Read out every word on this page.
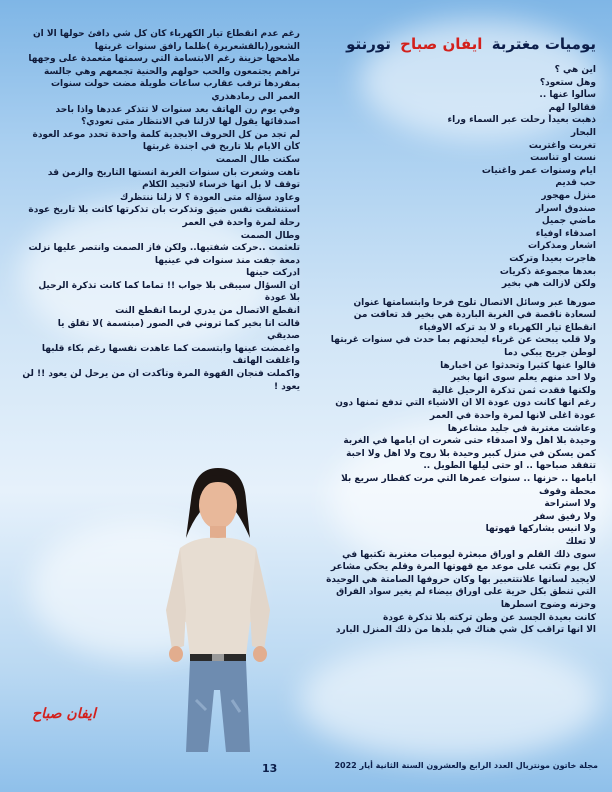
يوميات مغتربة ايفان صباح تورنتو
اين هي ؟
وهل ستعود؟
سألوا عنها ..
فقالوا لهم
ذهبت بعيداً رحلت عبر السماء وراء
البحار
تغربت واغتربت
نست او تناست
ايام وسنوات عمر واغنيات
حب قديم
منزل مهجور
صندوق اسرار
ماضي جميل
اصدقاء اوفياء
اشعار ومذكرات
هاجرت بعيدا وتركت
بعدها مجموعة ذكريات
ولكن لازالت هي بخير
صورها عبر وسائل الاتصال تلوح فرحا وابتسامتها عنوان
لسعادة ناقصة في الغربة الباردة هي بخير قد تعافت من
انقطاع تيار الكهرباء و لا بد تركه الاوفياء
ولا قلب يبحث عن غرباء ليحدثهم بما حدث في سنوات غربتها
لوطن جريح يبكي دما
قالوا عنها كثيرا وتحدثوا عن اخبارها
ولا احد منهم يعلم سوى انها بخير
ولكنها فقدت ثمن تذكرة الرحيل غالية
رغم انها كانت دون عودة الا ان الاشياء التي تدفع ثمنها دون
عودة اغلى لانها لمرة واحدة في العمر
وعاشت مغتربة في جليد مشاعرها
وحيدة بلا اهل ولا اصدقاء حتى شعرت ان ايامها في الغربة
كمن يسكن في منزل كبير وحيدة بلا روح ولا اهل ولا احبة
تتفقد صباحها .. او حتى ليلها الطويل ..
ايامها .. حزنها .. سنوات عمرها التي مرت كقطار سريع بلا
محطة وقوف
ولا استراحة
ولا رفيق سفر
ولا انيس يشاركها قهوتها
لا تعلك
سوى ذلك القلم و اوراق مبعثرة ليوميات مغتربة تكتبها في
كل يوم تكتب على موعد مع قهوتها المرة وقلم يحكي مشاعر
لايجيد لسانها علانتتعبير بها وكان حروفها الصامتة هي الوحيدة
التي تنطق بكل حرية على اوراق بيضاء لم يغير سواد الفراق
وحزنه وضوح اسطرها
كانت بعيدة الجسد عن وطن تركته بلا تذكرة عودة
الا انها تراقب كل شي هناك في بلدها من ذلك المنزل البارد
رغم عدم انقطاع تيار الكهرباء كان كل شي دافئ حولها الا ان
الشعور(بالقشعريرة )ظلما رافق سنوات غربتها
ملامحها حزينة رغم الابتسامة التي رسمتها متعمدة على وجهها
تراهم يجتمعون والحب حولهم والحنية تجمعهم وهي جالسة
بمفردها ترقب عقارب ساعات طويلة مضت حولت سنوات
العمر الى رمادهذري
وفي يوم رن الهاتف بعد سنوات لا تتذكر عددها واذا باحد
اصدقائها يقول لها لازلنا في الانتظار متى تعودي؟
لم تجد من كل الحروف الابجدية كلمة واحدة تحدد موعد العودة
كأن الايام بلا تاريخ في اجندة غربتها
سكتت طال الصمت
تاهت وشعرت بان سنوات الغربة انستها التاريخ والزمن قد
توقف لا بل انها خرساء لاتجيد الكلام
وعاود سؤاله متى العودة ؟ لا زلنا ننتظرك
استنشقت نفس ضيق وتذكرت بان تذكرتها كانت بلا تاريخ عودة
رحلة لمرة واحدة في العمر
وطال الصمت
تلعثمت ..حركت شفتيها.. ولكن فاز الصمت وانتصر عليها نزلت
دمعة جفت منذ سنوات في عينيها
ادركت حينها
ان السؤال سيبقى بلا جواب !! تماما كما كانت تذكرة الرحيل
بلا عودة
انقطع الاتصال من يدري لربما انقطع النت
قالت انا بخير كما تروني في الصور (مبتسمة )لا تقلق يا
صديقي
واغمضت عينها وابتسمت كما عاهدت نفسها رغم بكاء قلبها
واغلقت الهاتف
واكملت فنجان القهوة المرة وتأكدت ان من يرحل لن يعود !! لن
يعود !
ايفان صباح
13	مجلة خاتون مونتريال العدد الرابع والعشرون السنة الثانية أيار 2022
